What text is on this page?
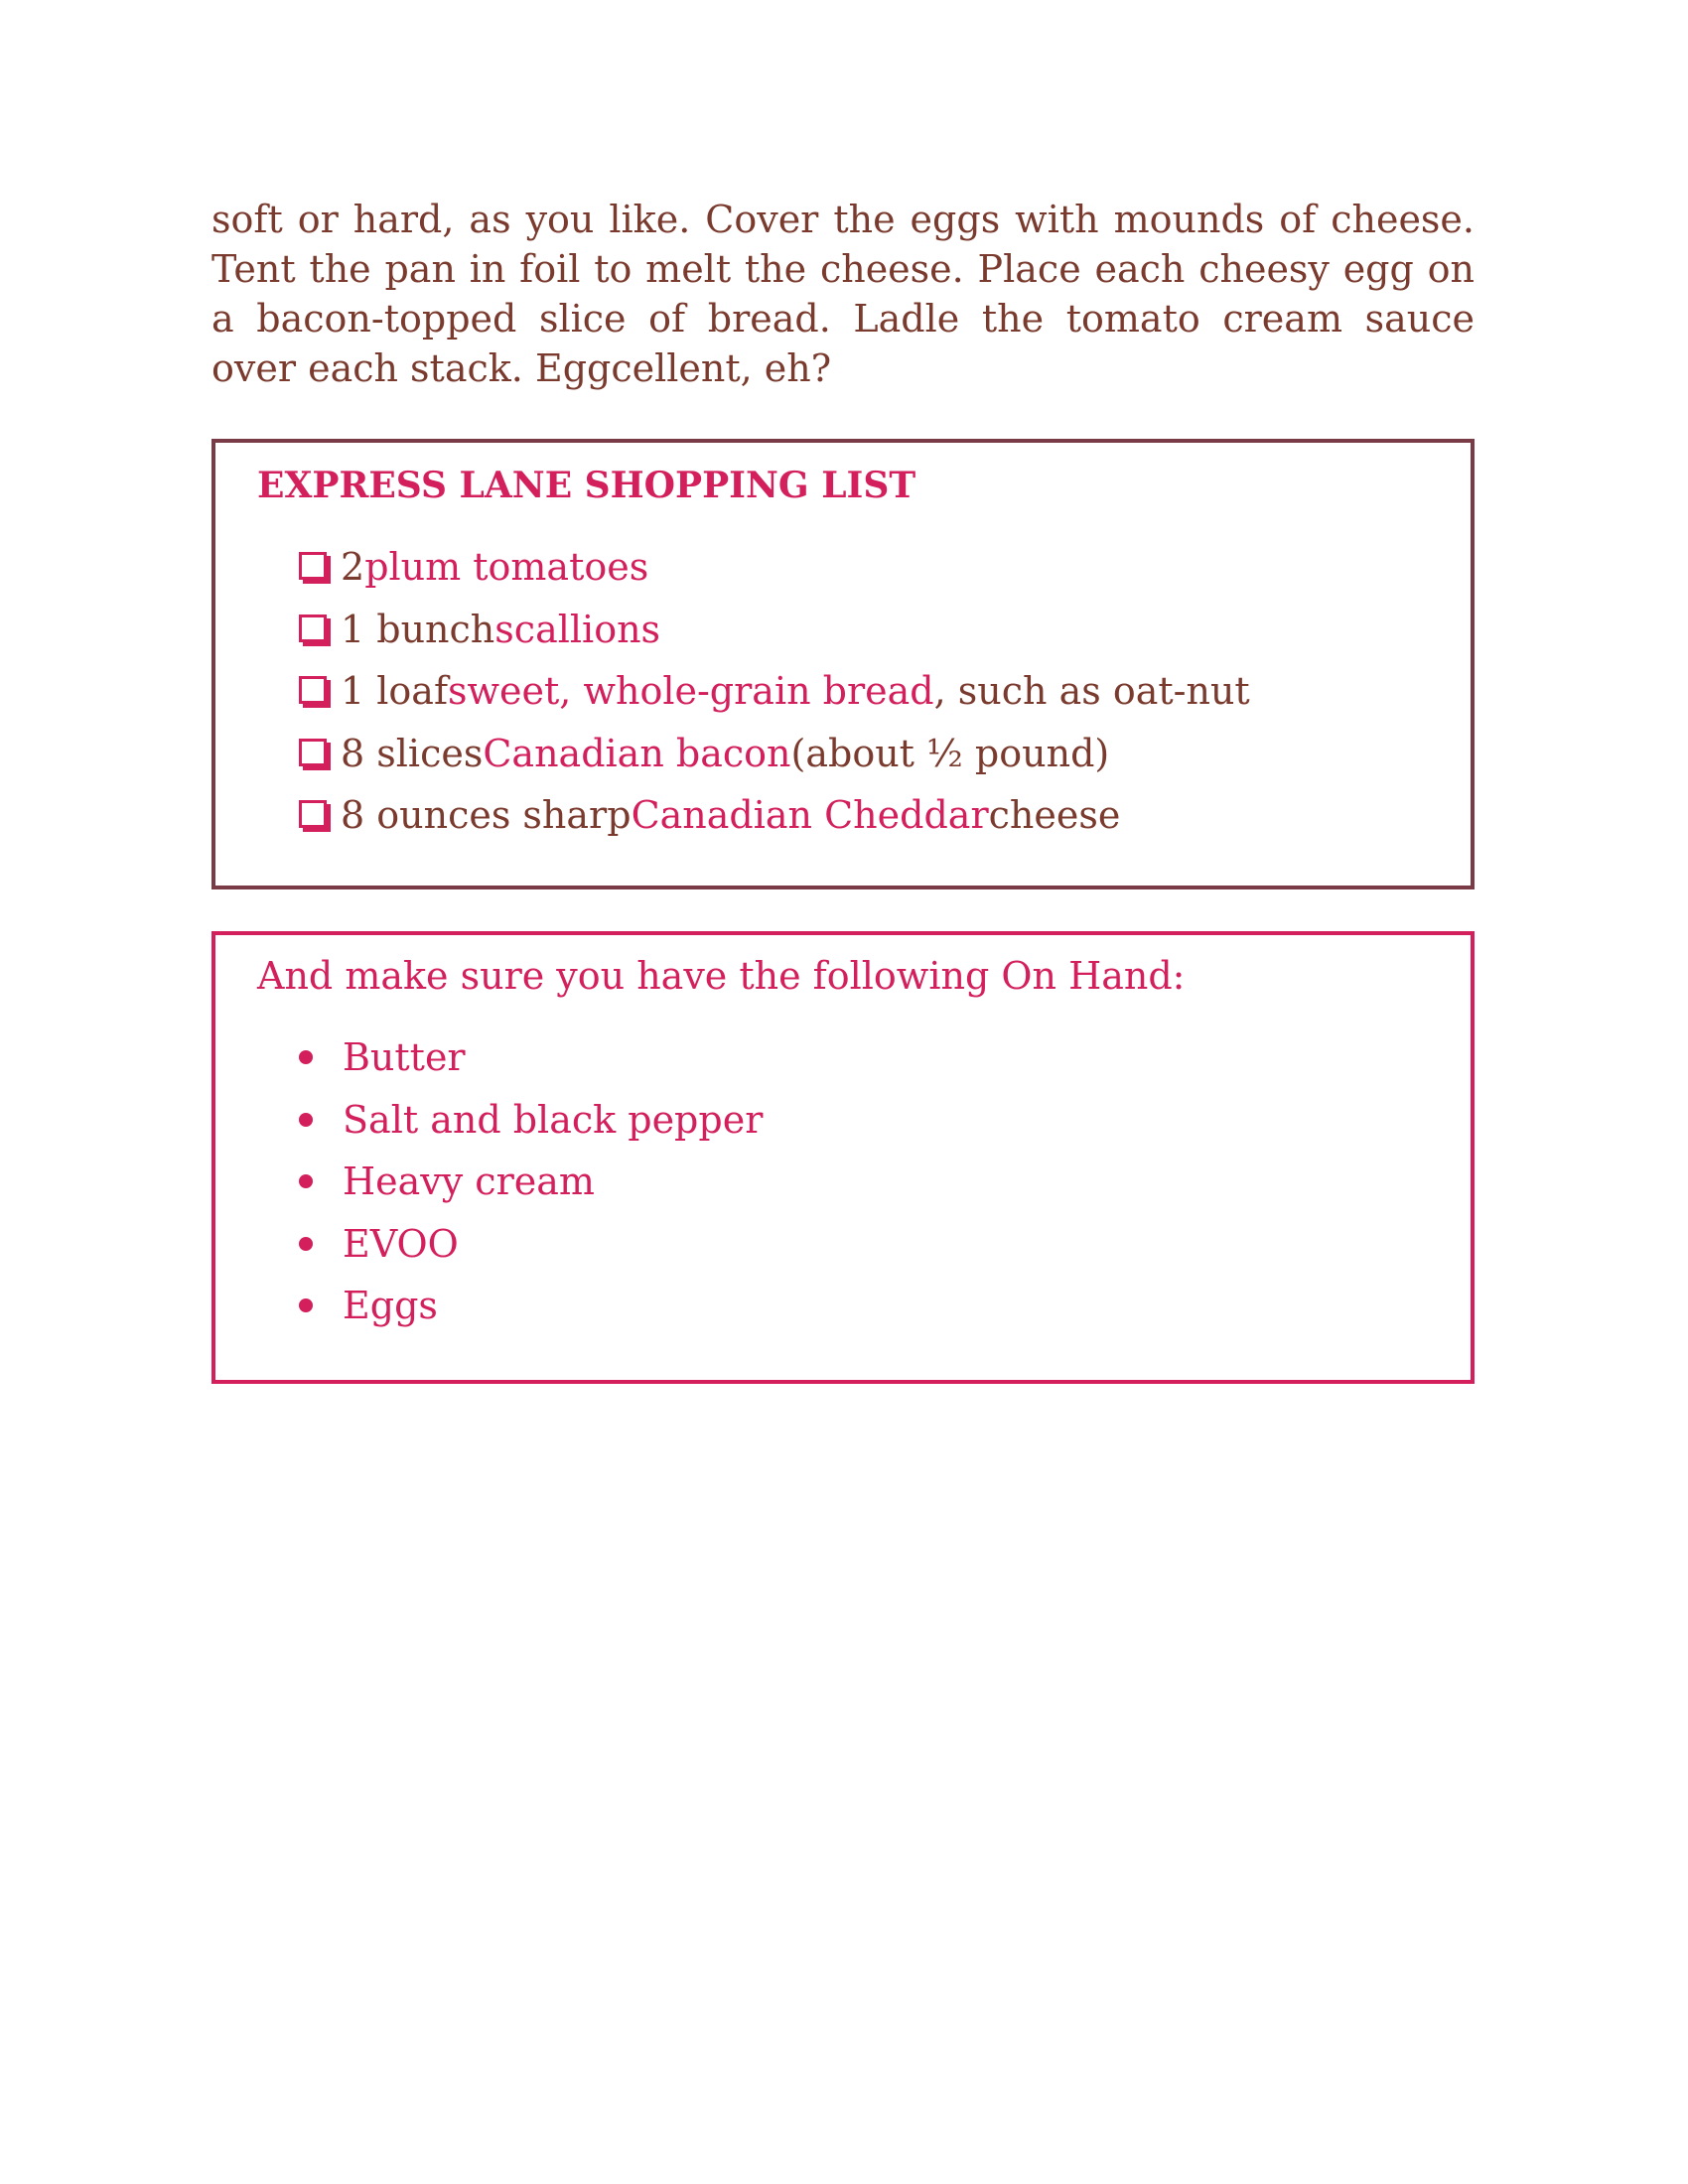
soft or hard, as you like. Cover the eggs with mounds of cheese. Tent the pan in foil to melt the cheese. Place each cheesy egg on a bacon-topped slice of bread. Ladle the tomato cream sauce over each stack. Eggcellent, eh?

EXPRESS LANE SHOPPING LIST
2 plum tomatoes
1 bunch scallions
1 loaf sweet, whole-grain bread , such as oat-nut
8 slices Canadian bacon (about ½ pound)
8 ounces sharp Canadian Cheddar cheese
And make sure you have the following On Hand:
Butter
Salt and black pepper
Heavy cream
EVOO
Eggs
